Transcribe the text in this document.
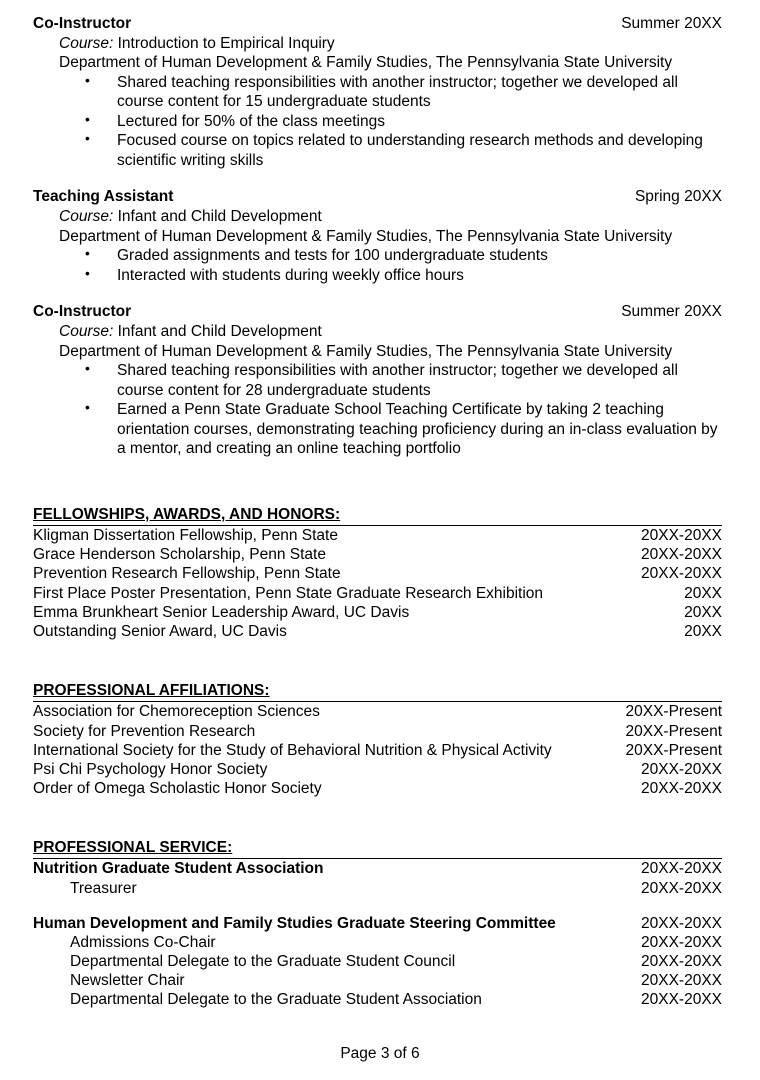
Co-Instructor	Summer 20XX
Course: Introduction to Empirical Inquiry
Department of Human Development & Family Studies, The Pennsylvania State University
• Shared teaching responsibilities with another instructor; together we developed all course content for 15 undergraduate students
• Lectured for 50% of the class meetings
• Focused course on topics related to understanding research methods and developing scientific writing skills
Teaching Assistant	Spring 20XX
Course: Infant and Child Development
Department of Human Development & Family Studies, The Pennsylvania State University
• Graded assignments and tests for 100 undergraduate students
• Interacted with students during weekly office hours
Co-Instructor	Summer 20XX
Course: Infant and Child Development
Department of Human Development & Family Studies, The Pennsylvania State University
• Shared teaching responsibilities with another instructor; together we developed all course content for 28 undergraduate students
• Earned a Penn State Graduate School Teaching Certificate by taking 2 teaching orientation courses, demonstrating teaching proficiency during an in-class evaluation by a mentor, and creating an online teaching portfolio
FELLOWSHIPS, AWARDS, AND HONORS:
Kligman Dissertation Fellowship, Penn State	20XX-20XX
Grace Henderson Scholarship, Penn State	20XX-20XX
Prevention Research Fellowship, Penn State	20XX-20XX
First Place Poster Presentation, Penn State Graduate Research Exhibition	20XX
Emma Brunkheart Senior Leadership Award, UC Davis	20XX
Outstanding Senior Award, UC Davis	20XX
PROFESSIONAL AFFILIATIONS:
Association for Chemoreception Sciences	20XX-Present
Society for Prevention Research	20XX-Present
International Society for the Study of Behavioral Nutrition & Physical Activity	20XX-Present
Psi Chi Psychology Honor Society	20XX-20XX
Order of Omega Scholastic Honor Society	20XX-20XX
PROFESSIONAL SERVICE:
Nutrition Graduate Student Association	20XX-20XX
Treasurer	20XX-20XX
Human Development and Family Studies Graduate Steering Committee	20XX-20XX
Admissions Co-Chair	20XX-20XX
Departmental Delegate to the Graduate Student Council	20XX-20XX
Newsletter Chair	20XX-20XX
Departmental Delegate to the Graduate Student Association	20XX-20XX
Page 3 of 6
